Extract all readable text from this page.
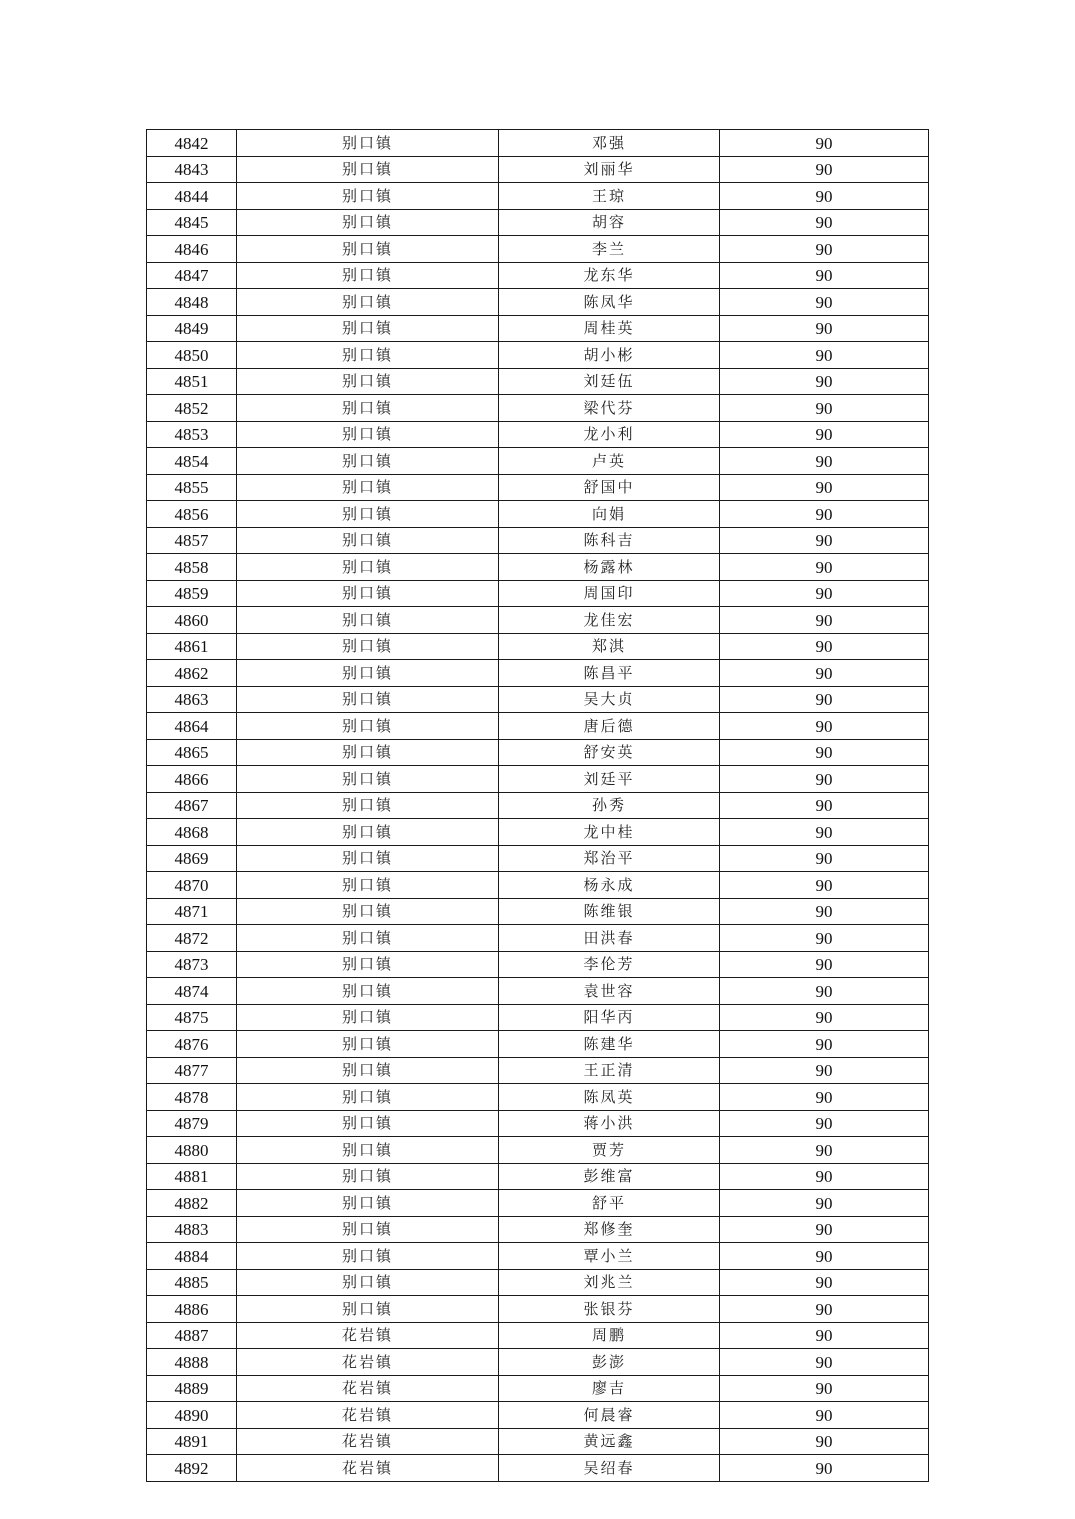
4842	别口镇	邓强	90
4843	别口镇	刘丽华	90
4844	别口镇	王琼	90
4845	别口镇	胡容	90
4846	别口镇	李兰	90
4847	别口镇	龙东华	90
4848	别口镇	陈凤华	90
4849	别口镇	周桂英	90
4850	别口镇	胡小彬	90
4851	别口镇	刘廷伍	90
4852	别口镇	梁代芬	90
4853	别口镇	龙小利	90
4854	别口镇	卢英	90
4855	别口镇	舒国中	90
4856	别口镇	向娟	90
4857	别口镇	陈科吉	90
4858	别口镇	杨露林	90
4859	别口镇	周国印	90
4860	别口镇	龙佳宏	90
4861	别口镇	郑淇	90
4862	别口镇	陈昌平	90
4863	别口镇	吴大贞	90
4864	别口镇	唐后德	90
4865	别口镇	舒安英	90
4866	别口镇	刘廷平	90
4867	别口镇	孙秀	90
4868	别口镇	龙中桂	90
4869	别口镇	郑治平	90
4870	别口镇	杨永成	90
4871	别口镇	陈维银	90
4872	别口镇	田洪春	90
4873	别口镇	李伦芳	90
4874	别口镇	袁世容	90
4875	别口镇	阳华丙	90
4876	别口镇	陈建华	90
4877	别口镇	王正清	90
4878	别口镇	陈凤英	90
4879	别口镇	蒋小洪	90
4880	别口镇	贾芳	90
4881	别口镇	彭维富	90
4882	别口镇	舒平	90
4883	别口镇	郑修奎	90
4884	别口镇	覃小兰	90
4885	别口镇	刘兆兰	90
4886	别口镇	张银芬	90
4887	花岩镇	周鹏	90
4888	花岩镇	彭澎	90
4889	花岩镇	廖吉	90
4890	花岩镇	何晨睿	90
4891	花岩镇	黄远鑫	90
4892	花岩镇	吴绍春	90
